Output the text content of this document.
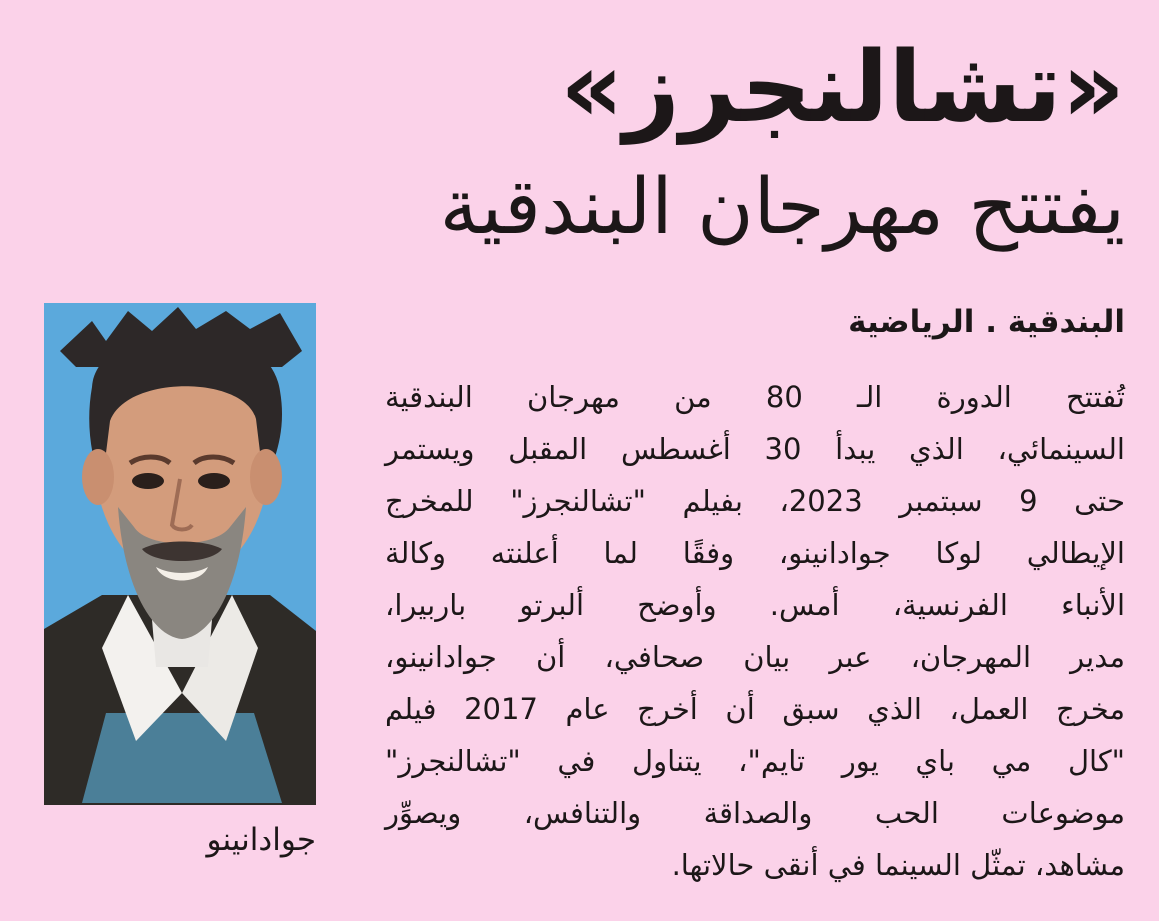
«تشالنجرز»
يفتتح مهرجان البندقية
جوادانينو
البندقية . الرياضية
تُفتتح الدورة الـ 80 من مهرجان البندقية
السينمائي، الذي يبدأ 30 أغسطس المقبل ويستمر
حتى 9 سبتمبر 2023، بفيلم "تشالنجرز" للمخرج
الإيطالي لوكا جوادانينو، وفقًا لما أعلنته وكالة
الأنباء الفرنسية، أمس. وأوضح ألبرتو باربيرا،
مدير المهرجان، عبر بيان صحافي، أن جوادانينو،
مخرج العمل، الذي سبق أن أخرج عام 2017 فيلم
"كال مي باي يور تايم"، يتناول في "تشالنجرز"
موضوعات الحب والصداقة والتنافس، ويصوِّر
مشاهد، تمثّل السينما في أنقى حالاتها.
